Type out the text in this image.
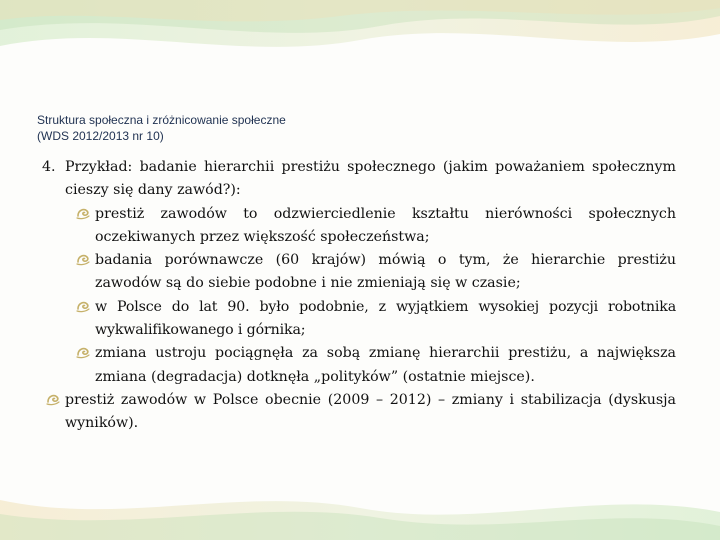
Struktura społeczna i zróżnicowanie społeczne
(WDS 2012/2013 nr 10)
4. Przykład: badanie hierarchii prestiżu społecznego (jakim poważaniem społecznym cieszy się dany zawód?):
prestiż zawodów to odzwierciedlenie kształtu nierówności społecznych oczekiwanych przez większość społeczeństwa;
badania porównawcze (60 krajów) mówią o tym, że hierarchie prestiżu zawodów są do siebie podobne i nie zmieniają się w czasie;
w Polsce do lat 90. było podobnie, z wyjątkiem wysokiej pozycji robotnika wykwalifikowanego i górnika;
zmiana ustroju pociągnęła za sobą zmianę hierarchii prestiżu, a największa zmiana (degradacja) dotknęła „polityków” (ostatnie miejsce).
prestiż zawodów w Polsce obecnie (2009 – 2012) – zmiany i stabilizacja (dyskusja wyników).
